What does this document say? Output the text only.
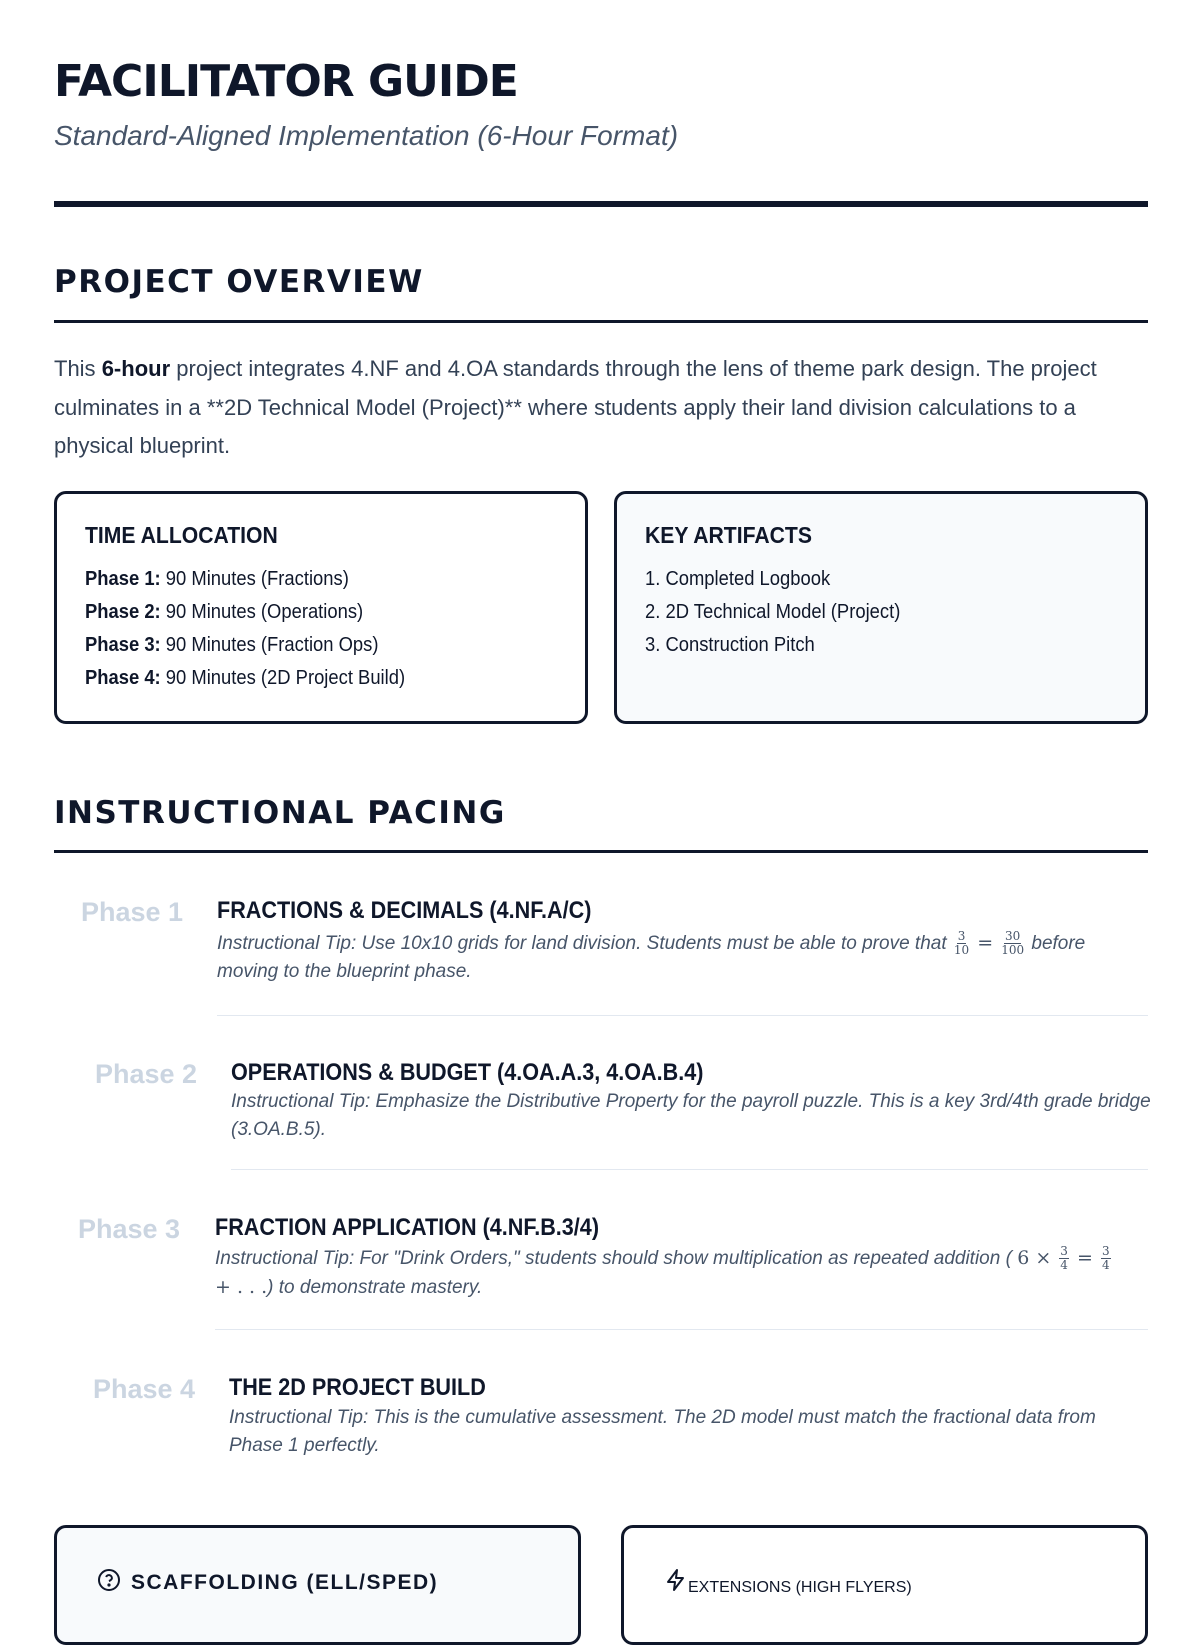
FACILITATOR GUIDE
Standard-Aligned Implementation (6-Hour Format)
PROJECT OVERVIEW
This 6-hour project integrates 4.NF and 4.OA standards through the lens of theme park design. The project culminates in a **2D Technical Model (Project)** where students apply their land division calculations to a physical blueprint.
TIME ALLOCATION
Phase 1: 90 Minutes (Fractions)
Phase 2: 90 Minutes (Operations)
Phase 3: 90 Minutes (Fraction Ops)
Phase 4: 90 Minutes (2D Project Build)
KEY ARTIFACTS
1. Completed Logbook
2. 2D Technical Model (Project)
3. Construction Pitch
INSTRUCTIONAL PACING
Phase 1 FRACTIONS & DECIMALS (4.NF.A/C)
Instructional Tip: Use 10x10 grids for land division. Students must be able to prove that $\frac{3}{10} = \frac{30}{100}$ before moving to the blueprint phase.
Phase 2 OPERATIONS & BUDGET (4.OA.A.3, 4.OA.B.4)
Instructional Tip: Emphasize the Distributive Property for the payroll puzzle. This is a key 3rd/4th grade bridge (3.OA.B.5).
Phase 3 FRACTION APPLICATION (4.NF.B.3/4)
Instructional Tip: For "Drink Orders," students should show multiplication as repeated addition ( $6 \times \frac{3}{4} = \frac{3}{4}$
+ . . .) to demonstrate mastery.
Phase 4 THE 2D PROJECT BUILD
Instructional Tip: This is the cumulative assessment. The 2D model must match the fractional data from Phase 1 perfectly.
SCAFFOLDING (ELL/SPED)	EXTENSIONS (HIGH FLYERS)
